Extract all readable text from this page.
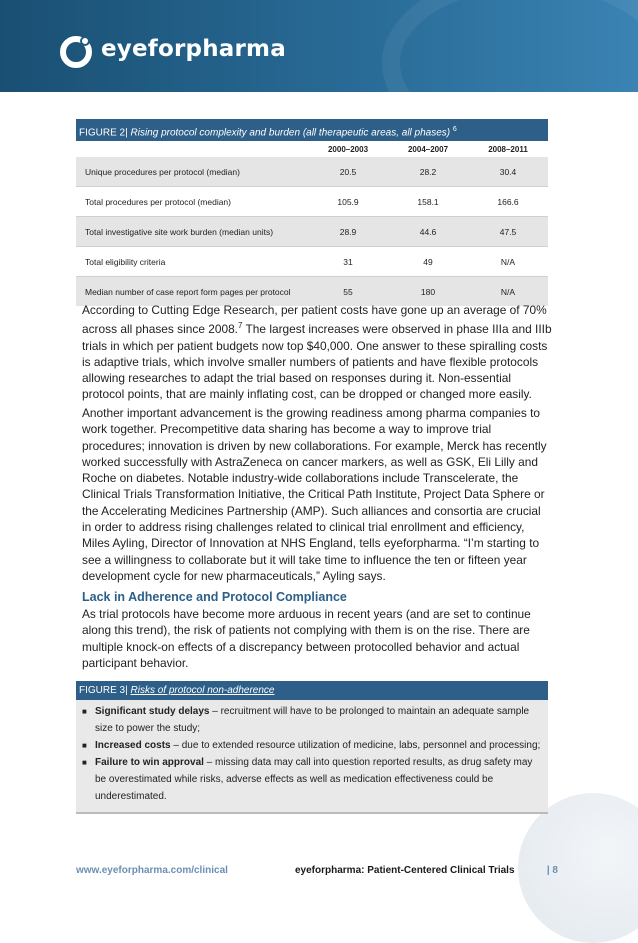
eyeforpharma
FIGURE 2| Rising protocol complexity and burden (all therapeutic areas, all phases) $^6$
	2000–2003	2004–2007	2008–2011
Unique procedures per protocol (median)	20.5	28.2	30.4
Total procedures per protocol (median)	105.9	158.1	166.6
Total investigative site work burden (median units)	28.9	44.6	47.5
Total eligibility criteria	31	49	N/A
Median number of case report form pages per protocol	55	180	N/A
According to Cutting Edge Research, per patient costs have gone up an average of 70% across all phases since 2008.$^7$ The largest increases were observed in phase IIIa and IIIb trials in which per patient budgets now top $40,000. One answer to these spiralling costs is adaptive trials, which involve smaller numbers of patients and have flexible protocols allowing researches to adapt the trial based on responses during it. Non-essential protocol points, that are mainly inflating cost, can be dropped or changed more easily.
Another important advancement is the growing readiness among pharma companies to work together. Precompetitive data sharing has become a way to improve trial procedures; innovation is driven by new collaborations. For example, Merck has recently worked successfully with AstraZeneca on cancer markers, as well as GSK, Eli Lilly and Roche on diabetes. Notable industry-wide collaborations include Transcelerate, the Clinical Trials Transformation Initiative, the Critical Path Institute, Project Data Sphere or the Accelerating Medicines Partnership (AMP). Such alliances and consortia are crucial in order to address rising challenges related to clinical trial enrollment and efficiency, Miles Ayling, Director of Innovation at NHS England, tells eyeforpharma. “I’m starting to see a willingness to collaborate but it will take time to influence the ten or fifteen year development cycle for new pharmaceuticals,” Ayling says.
Lack in Adherence and Protocol Compliance
As trial protocols have become more arduous in recent years (and are set to continue along this trend), the risk of patients not complying with them is on the rise. There are multiple knock-on effects of a discrepancy between protocolled behavior and actual participant behavior.
FIGURE 3| Risks of protocol non-adherence
■ Significant study delays – recruitment will have to be prolonged to maintain an adequate sample size to power the study;
■ Increased costs – due to extended resource utilization of medicine, labs, personnel and processing;
■ Failure to win approval – missing data may call into question reported results, as drug safety may be overestimated while risks, adverse effects as well as medication effectiveness could be underestimated.
www.eyeforpharma.com/clinical	eyeforpharma: Patient-Centered Clinical Trials	| 8
